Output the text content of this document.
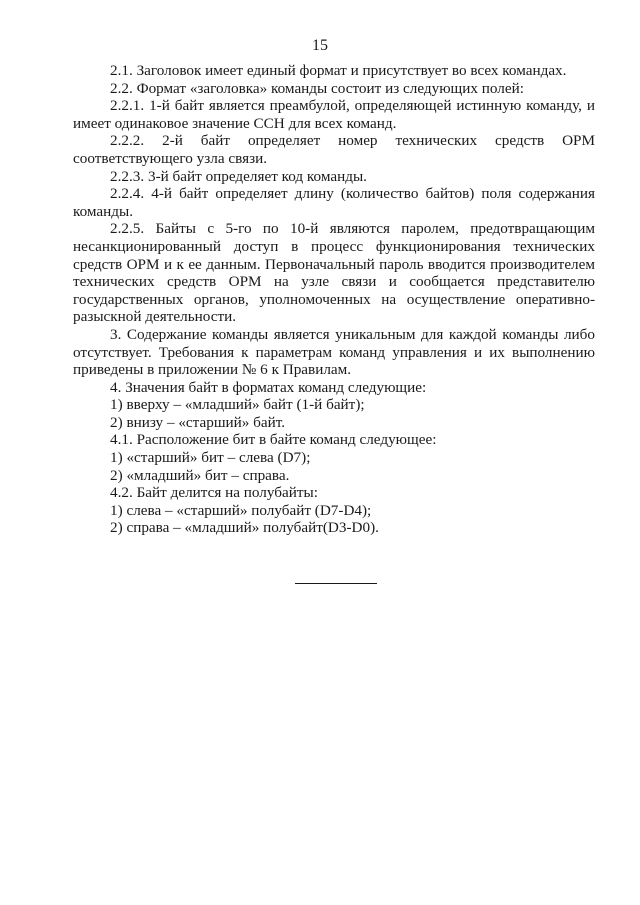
15

2.1. Заголовок имеет единый формат и присутствует во всех командах.

2.2. Формат «заголовка» команды состоит из следующих полей:

2.2.1. 1-й байт является преамбулой, определяющей истинную команду, и имеет одинаковое значение ССН для всех команд.

2.2.2. 2-й байт определяет номер технических средств ОРМ соответствующего узла связи.

2.2.3. 3-й байт определяет код команды.

2.2.4. 4-й байт определяет длину (количество байтов) поля содержания команды.

2.2.5. Байты с 5-го по 10-й являются паролем, предотвращающим несанкционированный доступ в процесс функционирования технических средств ОРМ и к ее данным. Первоначальный пароль вводится производителем технических средств ОРМ на узле связи и сообщается представителю государственных органов, уполномоченных на осуществление оперативно-разыскной деятельности.

3. Содержание команды является уникальным для каждой команды либо отсутствует. Требования к параметрам команд управления и их выполнению приведены в приложении № 6 к Правилам.

4. Значения байт в форматах команд следующие:

1) вверху – «младший» байт (1-й байт);

2) внизу – «старший» байт.

4.1. Расположение бит в байте команд следующее:

1) «старший» бит – слева (D7);

2) «младший» бит – справа.

4.2. Байт делится на полубайты:

1) слева – «старший» полубайт (D7-D4);

2) справа – «младший» полубайт(D3-D0).
